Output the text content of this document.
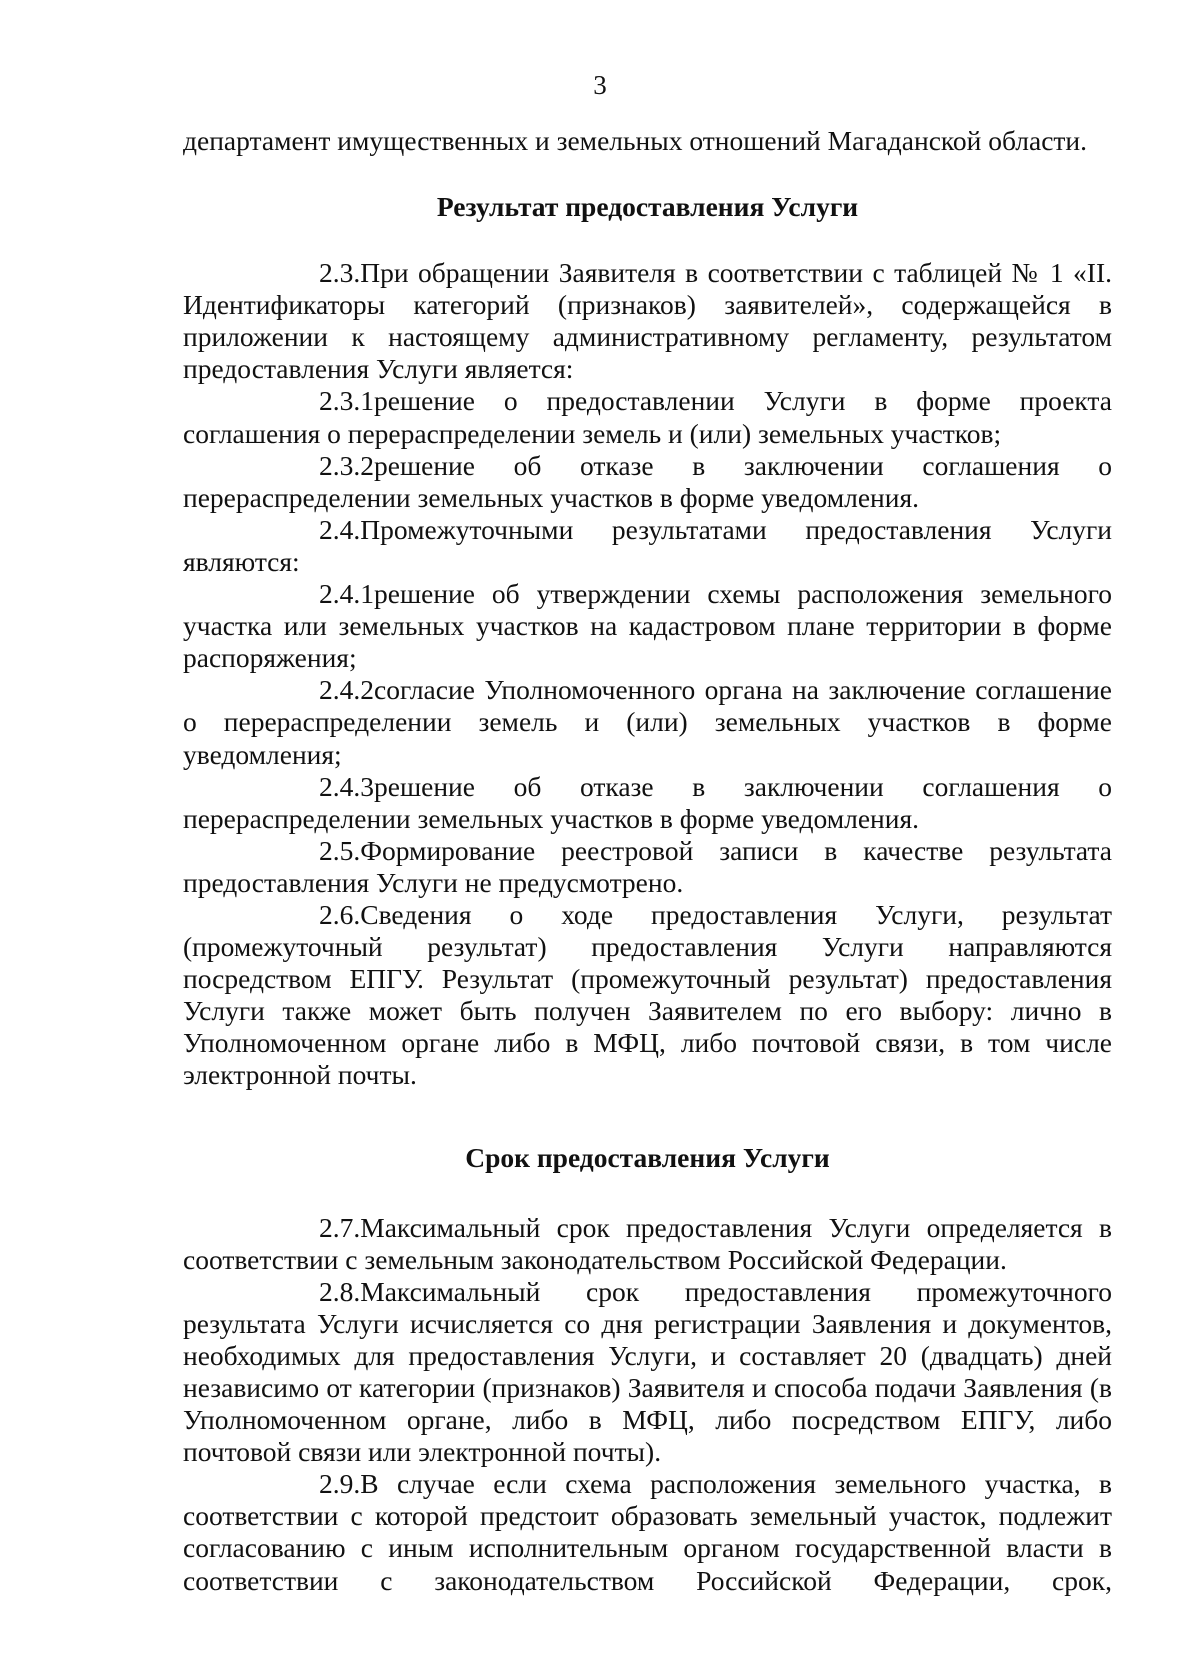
3

департамент имущественных и земельных отношений Магаданской области.

Результат предоставления Услуги

2.3.При обращении Заявителя в соответствии с таблицей № 1 «II. Идентификаторы категорий (признаков) заявителей», содержащейся в приложении к настоящему административному регламенту, результатом предоставления Услуги является:

2.3.1решение о предоставлении Услуги в форме проекта соглашения о перераспределении земель и (или) земельных участков;

2.3.2решение об отказе в заключении соглашения о перераспределении земельных участков в форме уведомления.

2.4.Промежуточными результатами предоставления Услуги являются:

2.4.1решение об утверждении схемы расположения земельного участка или земельных участков на кадастровом плане территории в форме распоряжения;

2.4.2согласие Уполномоченного органа на заключение соглашение о перераспределении земель и (или) земельных участков в форме уведомления;

2.4.3решение об отказе в заключении соглашения о перераспределении земельных участков в форме уведомления.

2.5.Формирование реестровой записи в качестве результата предоставления Услуги не предусмотрено.

2.6.Сведения о ходе предоставления Услуги, результат (промежуточный результат) предоставления Услуги направляются посредством ЕПГУ. Результат (промежуточный результат) предоставления Услуги также может быть получен Заявителем по его выбору: лично в Уполномоченном органе либо в МФЦ, либо почтовой связи, в том числе электронной почты.

Срок предоставления Услуги

2.7.Максимальный срок предоставления Услуги определяется в соответствии с земельным законодательством Российской Федерации.

2.8.Максимальный срок предоставления промежуточного результата Услуги исчисляется со дня регистрации Заявления и документов, необходимых для предоставления Услуги, и составляет 20 (двадцать) дней независимо от категории (признаков) Заявителя и способа подачи Заявления (в Уполномоченном органе, либо в МФЦ, либо посредством ЕПГУ, либо почтовой связи или электронной почты).

2.9.В случае если схема расположения земельного участка, в соответствии с которой предстоит образовать земельный участок, подлежит согласованию с иным исполнительным органом государственной власти в соответствии с законодательством Российской Федерации, срок,
